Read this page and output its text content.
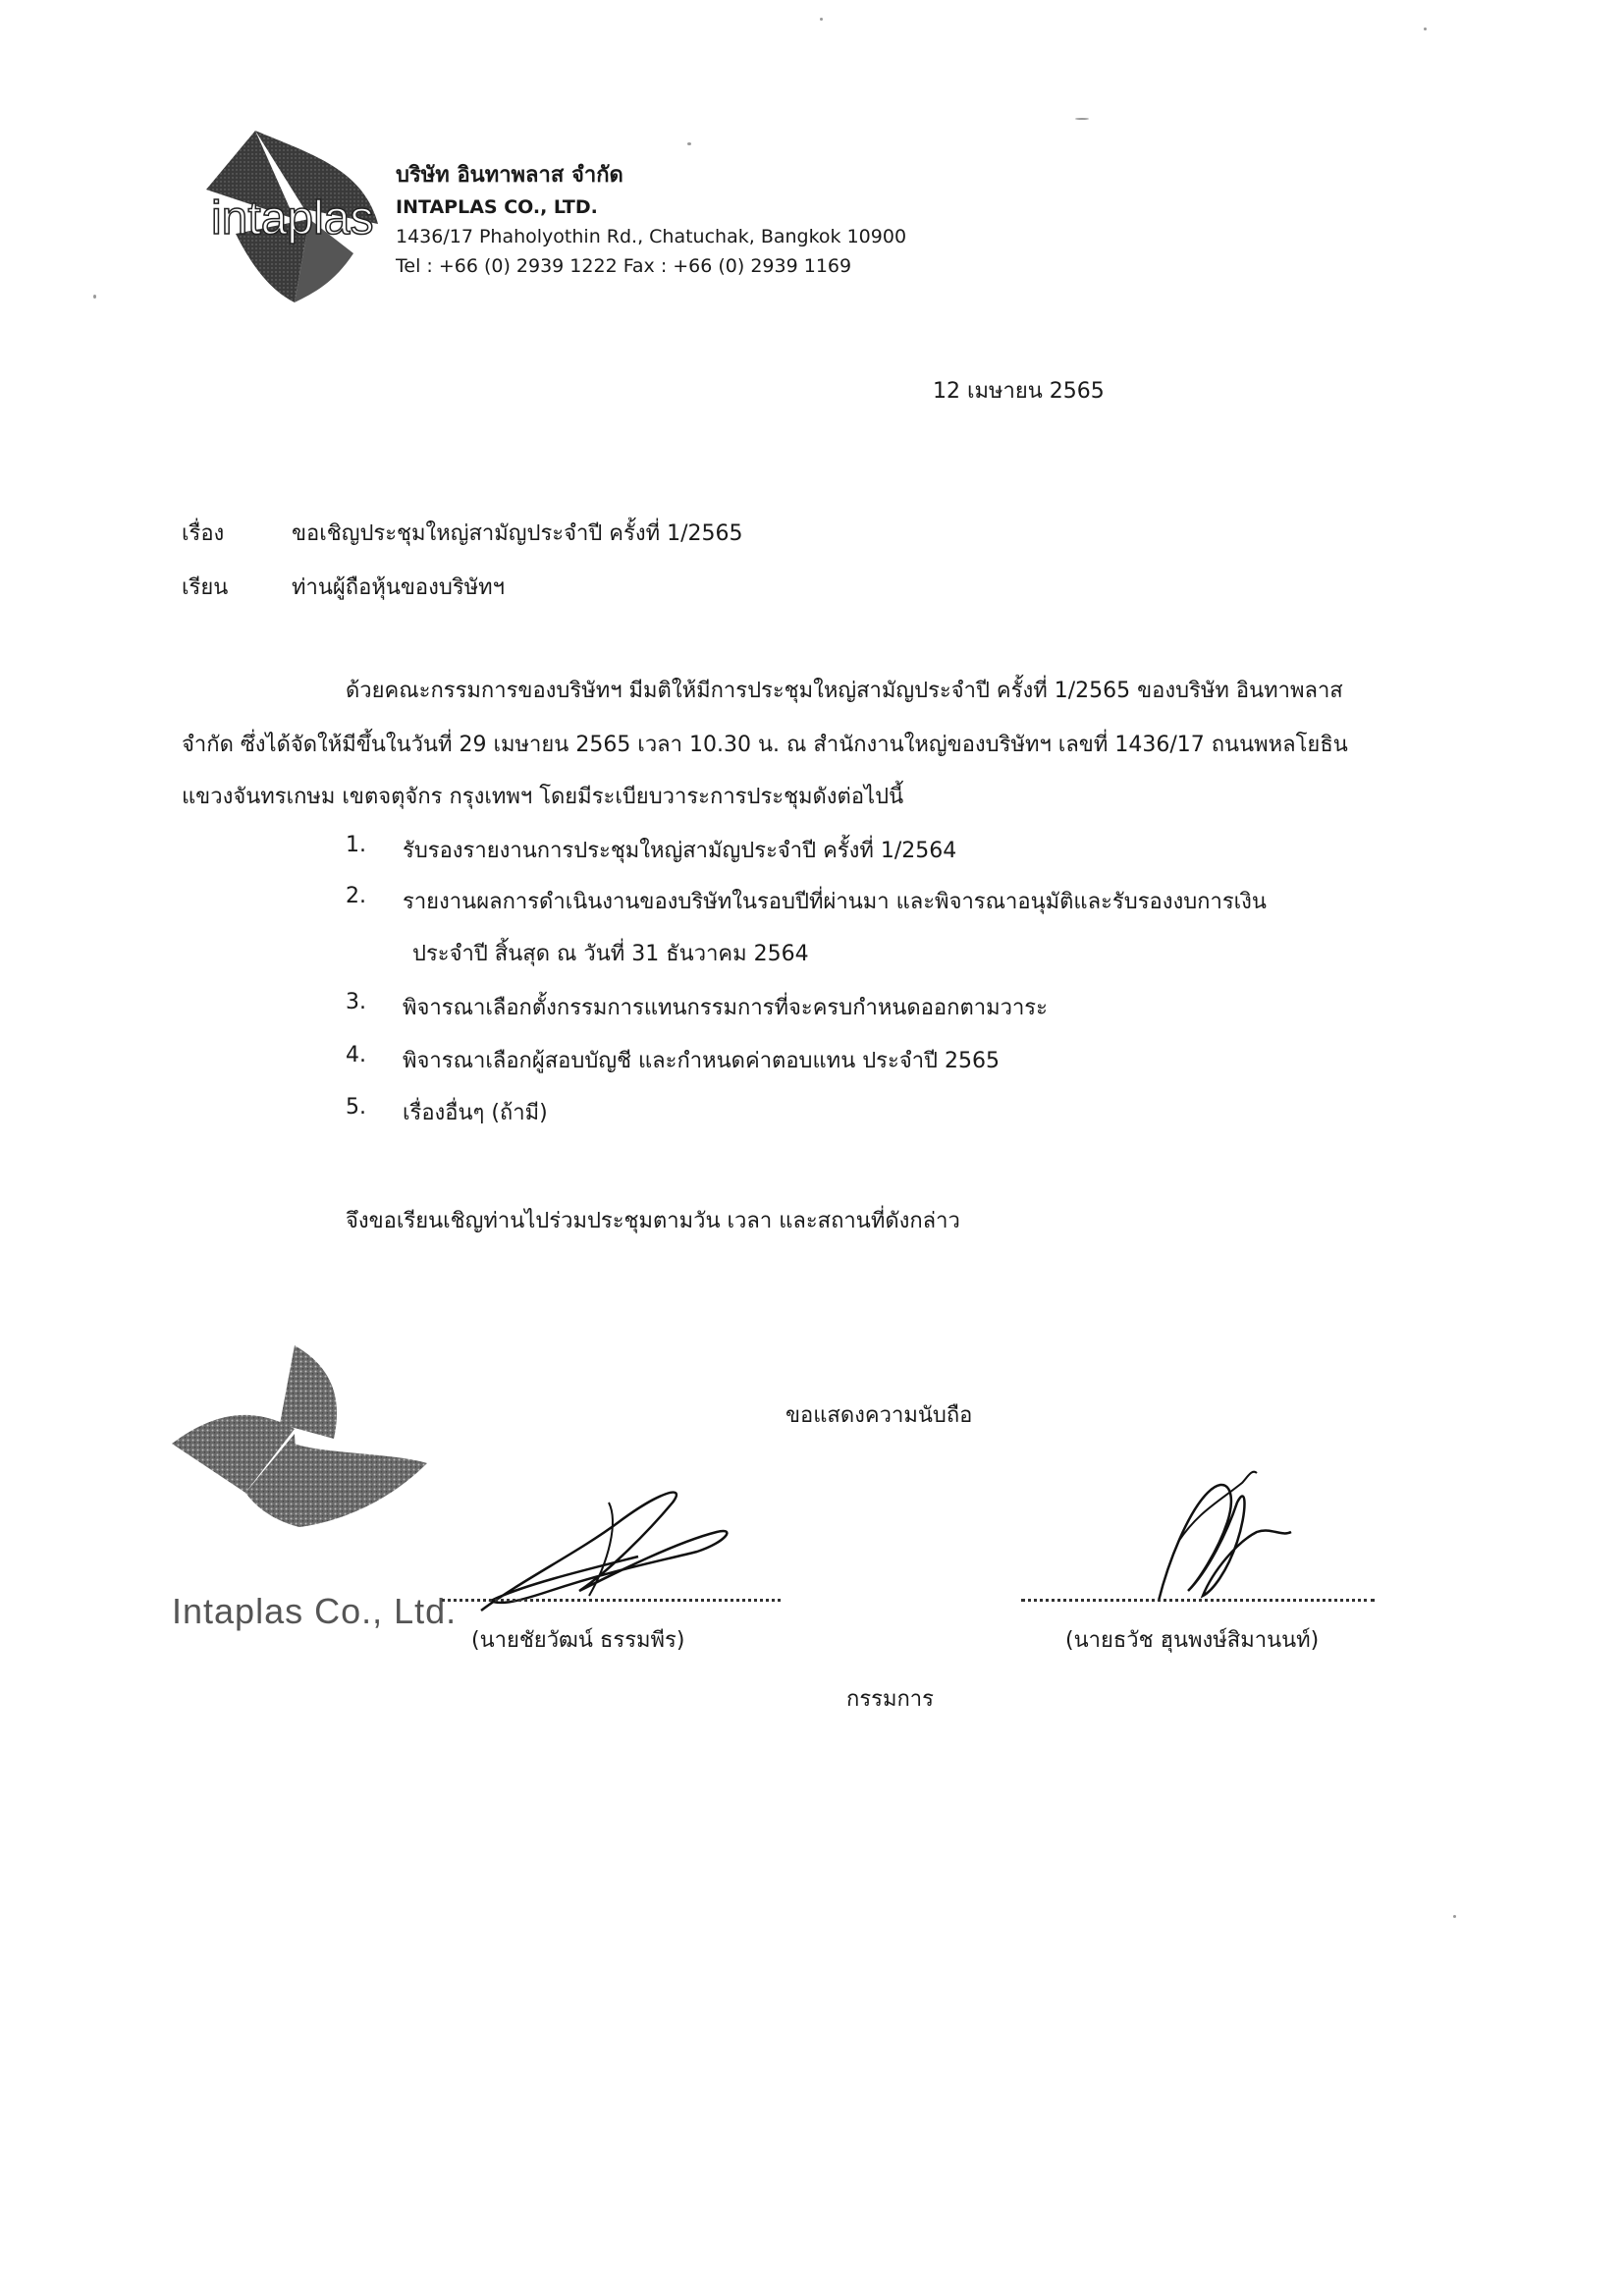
intaplas
บริษัท อินทาพลาส จำกัด
INTAPLAS CO., LTD.
1436/17 Phaholyothin Rd., Chatuchak, Bangkok 10900
Tel : +66 (0) 2939 1222 Fax : +66 (0) 2939 1169
12 เมษายน 2565
เรื่อง	ขอเชิญประชุมใหญ่สามัญประจำปี ครั้งที่ 1/2565
เรียน	ท่านผู้ถือหุ้นของบริษัทฯ
ด้วยคณะกรรมการของบริษัทฯ มีมติให้มีการประชุมใหญ่สามัญประจำปี ครั้งที่ 1/2565 ของบริษัท อินทาพลาส
จำกัด ซึ่งได้จัดให้มีขึ้นในวันที่ 29 เมษายน 2565 เวลา 10.30 น. ณ สำนักงานใหญ่ของบริษัทฯ เลขที่ 1436/17 ถนนพหลโยธิน
แขวงจันทรเกษม เขตจตุจักร กรุงเทพฯ โดยมีระเบียบวาระการประชุมดังต่อไปนี้
1. รับรองรายงานการประชุมใหญ่สามัญประจำปี ครั้งที่ 1/2564
2. รายงานผลการดำเนินงานของบริษัทในรอบปีที่ผ่านมา และพิจารณาอนุมัติและรับรองงบการเงิน
ประจำปี สิ้นสุด ณ วันที่ 31 ธันวาคม 2564
3. พิจารณาเลือกตั้งกรรมการแทนกรรมการที่จะครบกำหนดออกตามวาระ
4. พิจารณาเลือกผู้สอบบัญชี และกำหนดค่าตอบแทน ประจำปี 2565
5. เรื่องอื่นๆ (ถ้ามี)
จึงขอเรียนเชิญท่านไปร่วมประชุมตามวัน เวลา และสถานที่ดังกล่าว
ขอแสดงความนับถือ
Intaplas Co., Ltd.
(นายชัยวัฒน์ ธรรมพีร)	(นายธวัช ฮุนพงษ์สิมานนท์)
กรรมการ
